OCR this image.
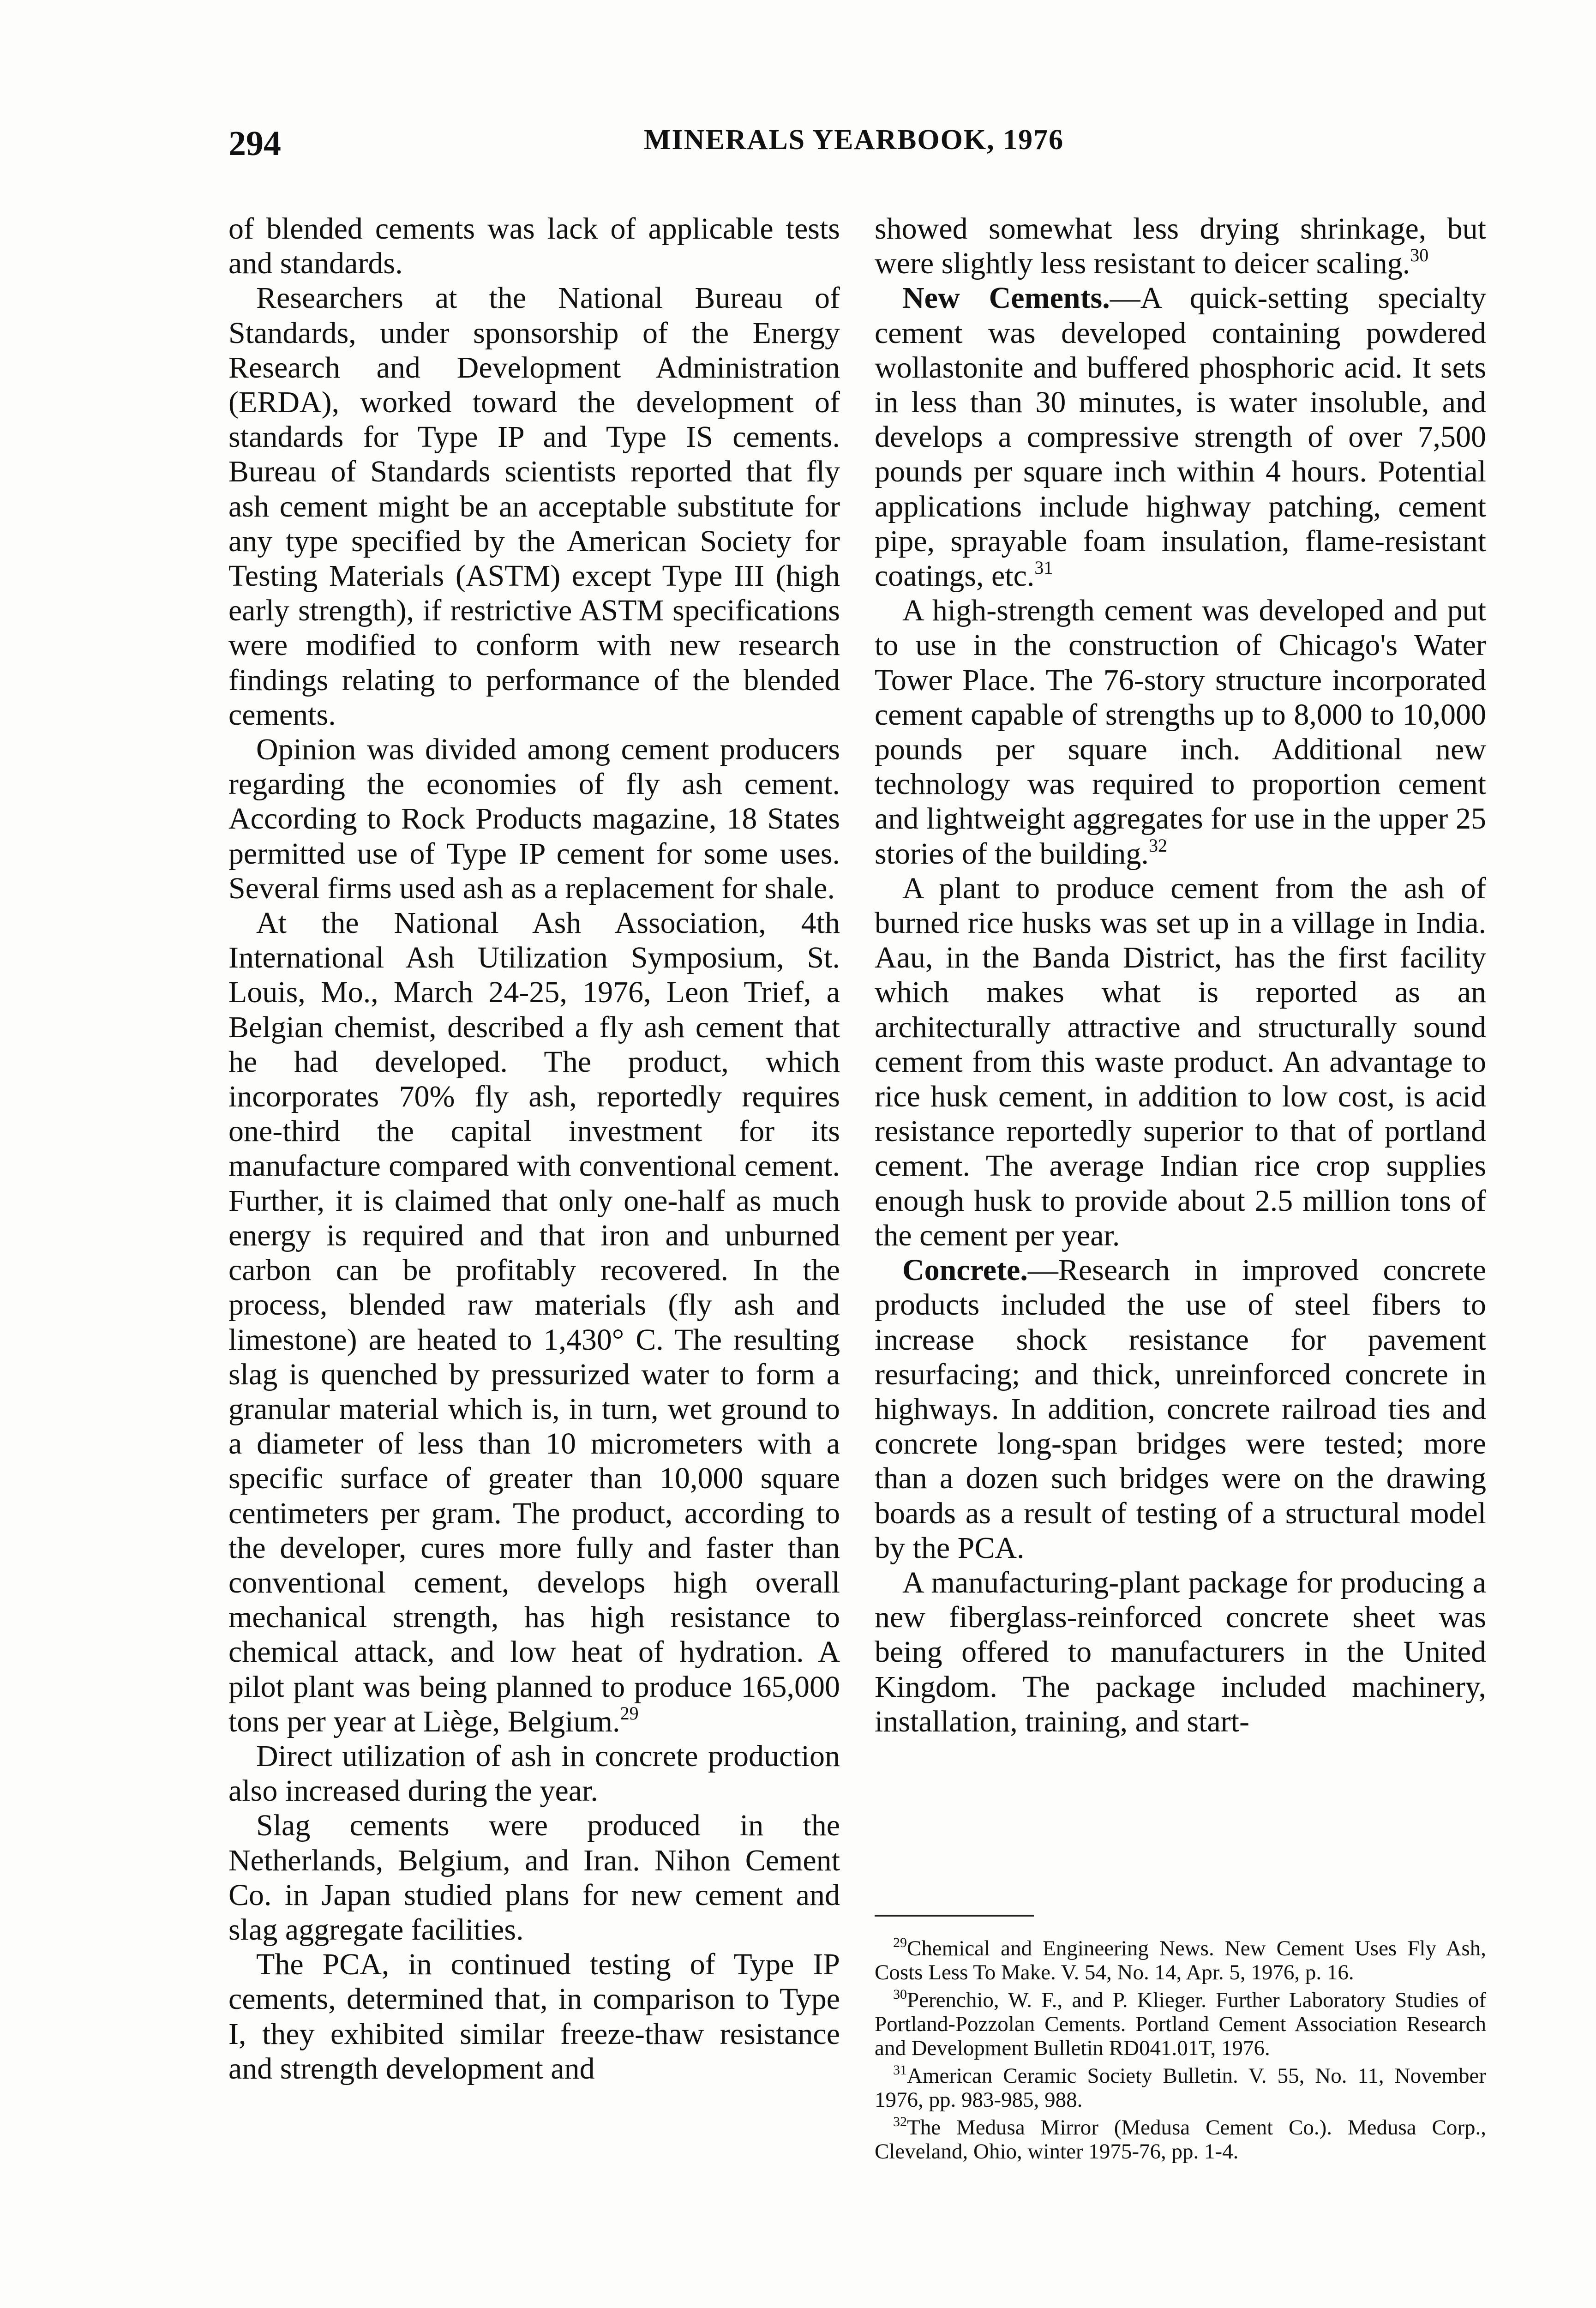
294	MINERALS YEARBOOK, 1976

of blended cements was lack of applicable tests and standards.

Researchers at the National Bureau of Standards, under sponsorship of the Energy Research and Development Administration (ERDA), worked toward the development of standards for Type IP and Type IS cements. Bureau of Standards scientists reported that fly ash cement might be an acceptable substitute for any type specified by the American Society for Testing Materials (ASTM) except Type III (high early strength), if restrictive ASTM specifications were modified to conform with new research findings relating to performance of the blended cements.

Opinion was divided among cement producers regarding the economies of fly ash cement. According to Rock Products magazine, 18 States permitted use of Type IP cement for some uses. Several firms used ash as a replacement for shale.

At the National Ash Association, 4th International Ash Utilization Symposium, St. Louis, Mo., March 24-25, 1976, Leon Trief, a Belgian chemist, described a fly ash cement that he had developed. The product, which incorporates 70% fly ash, reportedly requires one-third the capital investment for its manufacture compared with conventional cement. Further, it is claimed that only one-half as much energy is required and that iron and unburned carbon can be profitably recovered. In the process, blended raw materials (fly ash and limestone) are heated to 1,430° C. The resulting slag is quenched by pressurized water to form a granular material which is, in turn, wet ground to a diameter of less than 10 micrometers with a specific surface of greater than 10,000 square centimeters per gram. The product, according to the developer, cures more fully and faster than conventional cement, develops high overall mechanical strength, has high resistance to chemical attack, and low heat of hydration. A pilot plant was being planned to produce 165,000 tons per year at Liège, Belgium.$^{29}$

Direct utilization of ash in concrete production also increased during the year.

Slag cements were produced in the Netherlands, Belgium, and Iran. Nihon Cement Co. in Japan studied plans for new cement and slag aggregate facilities.

The PCA, in continued testing of Type IP cements, determined that, in comparison to Type I, they exhibited similar freeze-thaw resistance and strength development and

showed somewhat less drying shrinkage, but were slightly less resistant to deicer scaling.$^{30}$

New Cements.—A quick-setting specialty cement was developed containing powdered wollastonite and buffered phosphoric acid. It sets in less than 30 minutes, is water insoluble, and develops a compressive strength of over 7,500 pounds per square inch within 4 hours. Potential applications include highway patching, cement pipe, sprayable foam insulation, flame-resistant coatings, etc.$^{31}$

A high-strength cement was developed and put to use in the construction of Chicago's Water Tower Place. The 76-story structure incorporated cement capable of strengths up to 8,000 to 10,000 pounds per square inch. Additional new technology was required to proportion cement and lightweight aggregates for use in the upper 25 stories of the building.$^{32}$

A plant to produce cement from the ash of burned rice husks was set up in a village in India. Aau, in the Banda District, has the first facility which makes what is reported as an architecturally attractive and structurally sound cement from this waste product. An advantage to rice husk cement, in addition to low cost, is acid resistance reportedly superior to that of portland cement. The average Indian rice crop supplies enough husk to provide about 2.5 million tons of the cement per year.

Concrete.—Research in improved concrete products included the use of steel fibers to increase shock resistance for pavement resurfacing; and thick, unreinforced concrete in highways. In addition, concrete railroad ties and concrete long-span bridges were tested; more than a dozen such bridges were on the drawing boards as a result of testing of a structural model by the PCA.

A manufacturing-plant package for producing a new fiberglass-reinforced concrete sheet was being offered to manufacturers in the United Kingdom. The package included machinery, installation, training, and start-

$^{29}$Chemical and Engineering News. New Cement Uses Fly Ash, Costs Less To Make. V. 54, No. 14, Apr. 5, 1976, p. 16.

$^{30}$Perenchio, W. F., and P. Klieger. Further Laboratory Studies of Portland-Pozzolan Cements. Portland Cement Association Research and Development Bulletin RD041.01T, 1976.

$^{31}$American Ceramic Society Bulletin. V. 55, No. 11, November 1976, pp. 983-985, 988.

$^{32}$The Medusa Mirror (Medusa Cement Co.). Medusa Corp., Cleveland, Ohio, winter 1975-76, pp. 1-4.
